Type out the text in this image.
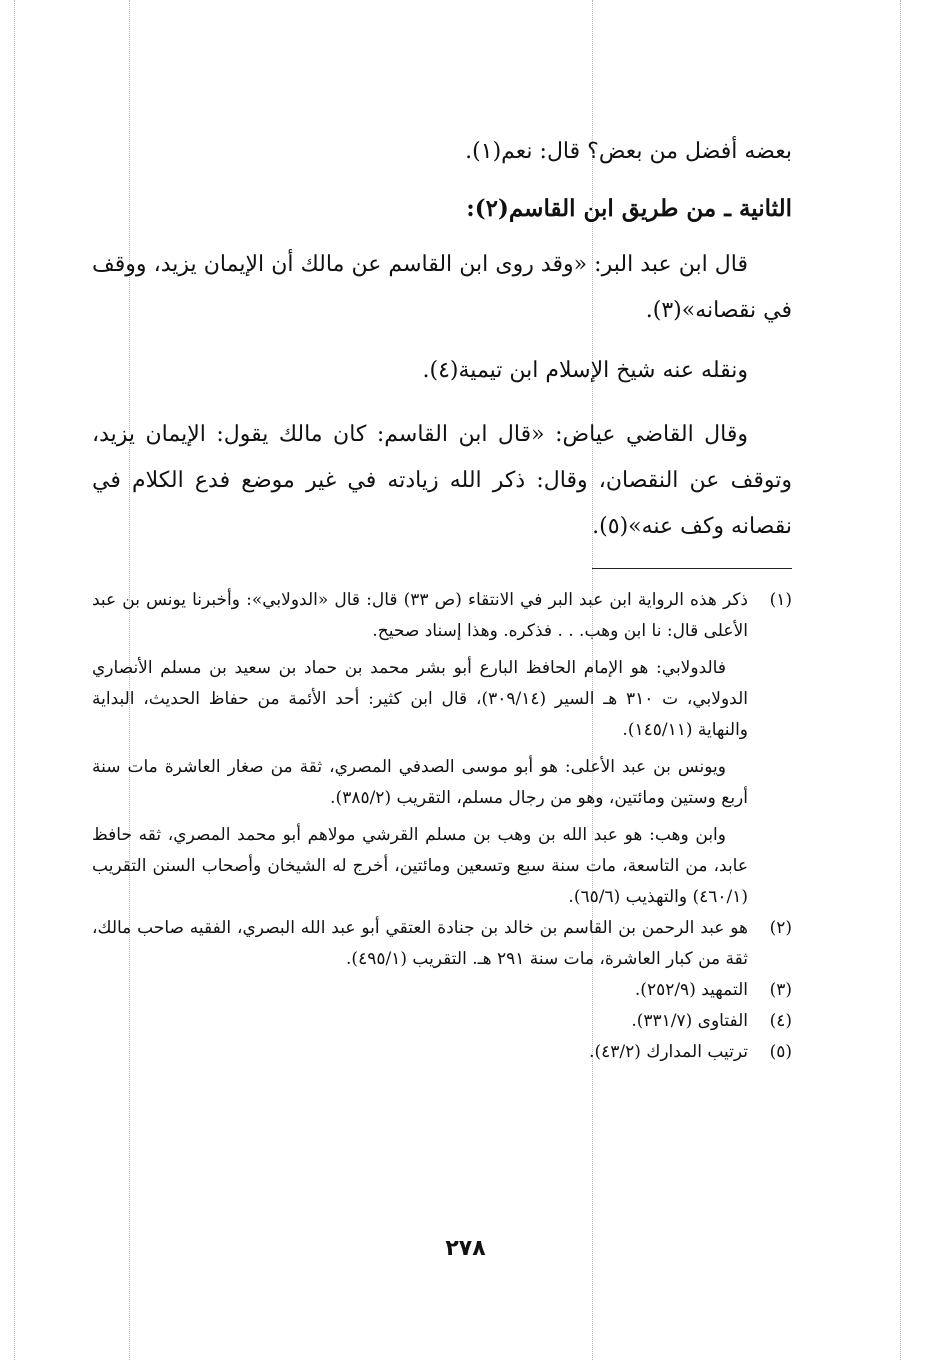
بعضه أفضل من بعض؟ قال: نعم(١).

الثانية ـ من طريق ابن القاسم(٢):

قال ابن عبد البر: «وقد روى ابن القاسم عن مالك أن الإيمان يزيد، ووقف في نقصانه»(٣).

ونقله عنه شيخ الإسلام ابن تيمية(٤).

وقال القاضي عياض: «قال ابن القاسم: كان مالك يقول: الإيمان يزيد، وتوقف عن النقصان، وقال: ذكر الله زيادته في غير موضع فدع الكلام في نقصانه وكف عنه»(٥).

(١)

ذكر هذه الرواية ابن عبد البر في الانتقاء (ص ٣٣) قال: قال «الدولابي»: وأخبرنا يونس بن عبد الأعلى قال: نا ابن وهب. . . فذكره. وهذا إسناد صحيح.

فالدولابي: هو الإمام الحافظ البارع أبو بشر محمد بن حماد بن سعيد بن مسلم الأنصاري الدولابي، ت ٣١٠ هـ السير (٣٠٩/١٤)، قال ابن كثير: أحد الأئمة من حفاظ الحديث، البداية والنهاية (١٤٥/١١).

ويونس بن عبد الأعلى: هو أبو موسى الصدفي المصري، ثقة من صغار العاشرة مات سنة أربع وستين ومائتين، وهو من رجال مسلم، التقريب (٣٨٥/٢).

وابن وهب: هو عبد الله بن وهب بن مسلم القرشي مولاهم أبو محمد المصري، ثقه حافظ عابد، من التاسعة، مات سنة سبع وتسعين ومائتين، أخرج له الشيخان وأصحاب السنن التقريب (٤٦٠/١) والتهذيب (٦٥/٦).

(٢)
هو عبد الرحمن بن القاسم بن خالد بن جنادة العتقي أبو عبد الله البصري، الفقيه صاحب مالك، ثقة من كبار العاشرة، مات سنة ٢٩١ هـ. التقريب (٤٩٥/١).
(٣)
التمهيد (٢٥٢/٩).
(٤)
الفتاوى (٣٣١/٧).
(٥)
ترتيب المدارك (٤٣/٢).
٢٧٨
